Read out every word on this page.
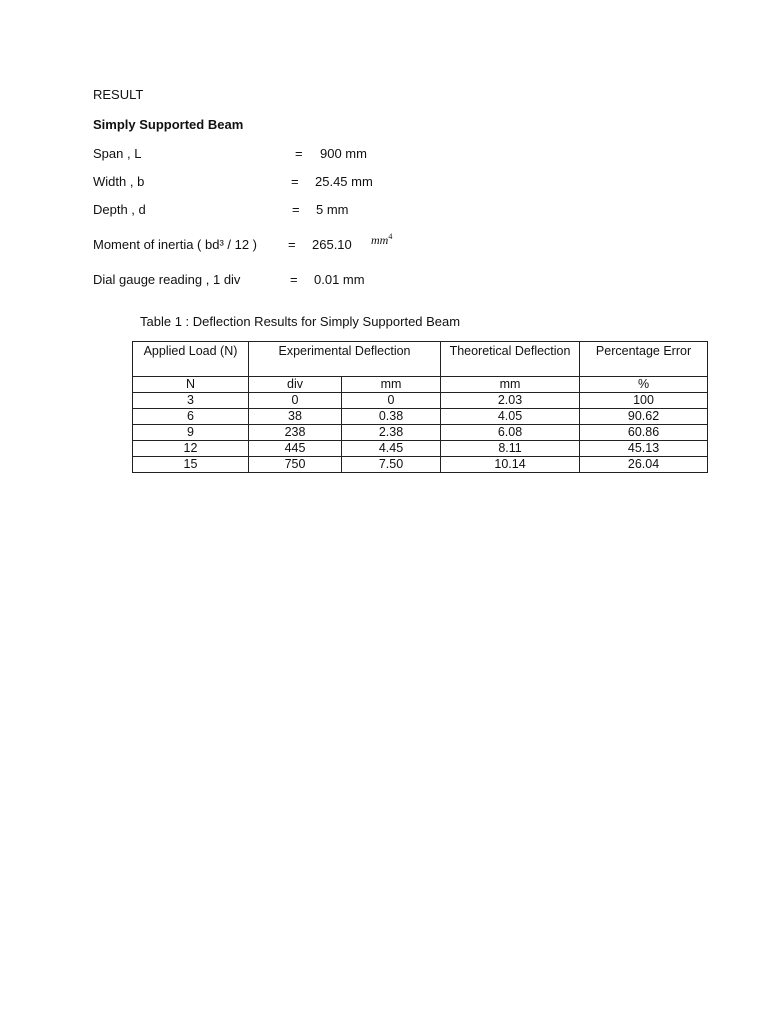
RESULT
Simply Supported Beam
Span , L	= 900 mm
Width , b	= 25.45 mm
Depth , d	= 5 mm
Moment of inertia ( bd³ / 12 ) = 265.10 $mm^4$
Dial gauge reading , 1 div	= 0.01 mm
Table 1 : Deflection Results for Simply Supported Beam
Applied Load (N)	Experimental Deflection		Theoretical Deflection	Percentage Error
N	div	mm	mm	%
3	0	0	2.03	100
6	38	0.38	4.05	90.62
9	238	2.38	6.08	60.86
12	445	4.45	8.11	45.13
15	750	7.50	10.14	26.04
